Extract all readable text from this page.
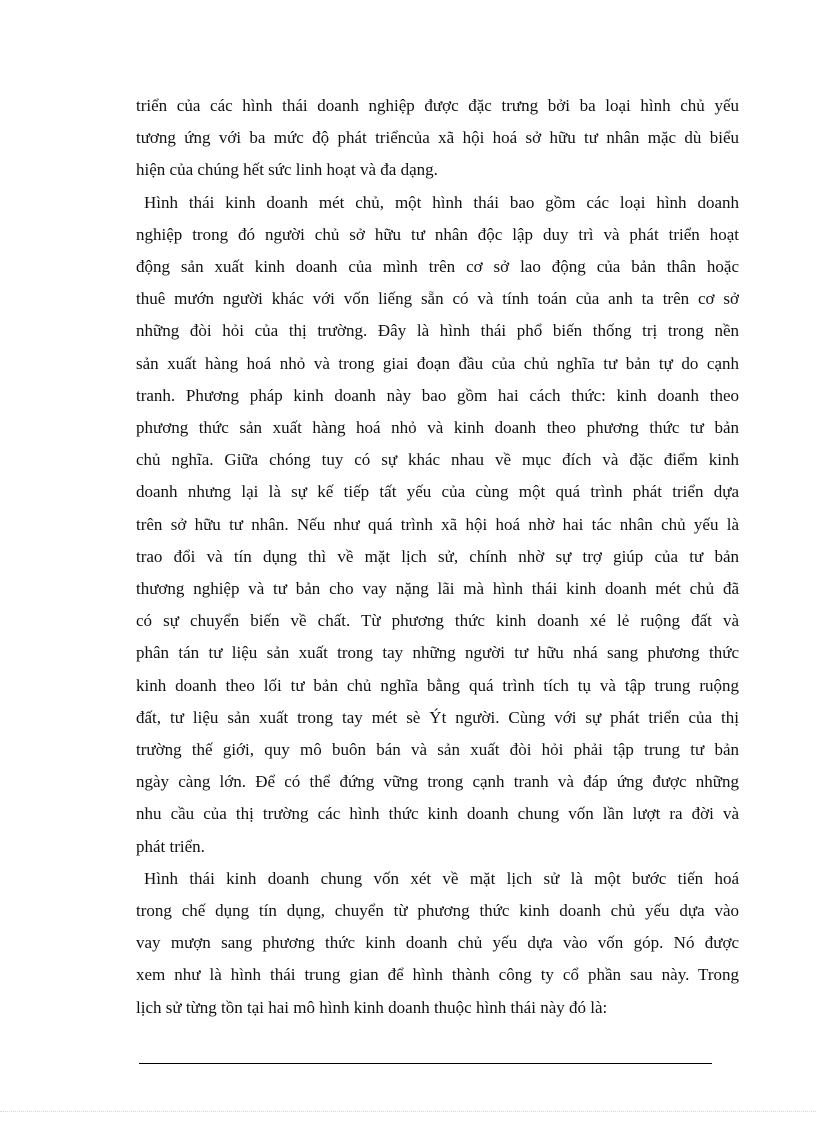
triển của các hình thái doanh nghiệp được đặc trưng bởi ba loại hình chủ yếu
tương ứng với ba mức độ phát triểncủa xã hội hoá sở hữu tư nhân mặc dù biểu
hiện của chúng hết sức linh hoạt và đa dạng.

Hình thái kinh doanh mét chủ, một hình thái bao gồm các loại hình doanh
nghiệp trong đó người chủ sở hữu tư nhân độc lập duy trì và phát triển hoạt
động sản xuất kinh doanh của mình trên cơ sở lao động của bản thân hoặc
thuê mướn người khác với vốn liếng sẵn có và tính toán của anh ta trên cơ sở
những đòi hỏi của thị trường. Đây là hình thái phổ biến thống trị trong nền
sản xuất hàng hoá nhỏ và trong giai đoạn đầu của chủ nghĩa tư bản tự do cạnh
tranh. Phương pháp kinh doanh này bao gồm hai cách thức: kinh doanh theo
phương thức sản xuất hàng hoá nhỏ và kinh doanh theo phương thức tư bản
chủ nghĩa. Giữa chóng tuy có sự khác nhau về mục đích và đặc điểm kinh
doanh nhưng lại là sự kế tiếp tất yếu của cùng một quá trình phát triển dựa
trên sở hữu tư nhân. Nếu như quá trình xã hội hoá nhờ hai tác nhân chủ yếu là
trao đổi và tín dụng thì về mặt lịch sử, chính nhờ sự trợ giúp của tư bản
thương nghiệp và tư bản cho vay nặng lãi mà hình thái kinh doanh mét chủ đã
có sự chuyển biến về chất. Từ phương thức kinh doanh xé lẻ ruộng đất và
phân tán tư liệu sản xuất trong tay những người tư hữu nhá sang phương thức
kinh doanh theo lối tư bản chủ nghĩa bằng quá trình tích tụ và tập trung ruộng
đất, tư liệu sản xuất trong tay mét sè Ýt người. Cùng với sự phát triển của thị
trường thế giới, quy mô buôn bán và sản xuất đòi hỏi phải tập trung tư bản
ngày càng lớn. Để có thể đứng vững trong cạnh tranh và đáp ứng được những
nhu cầu của thị trường các hình thức kinh doanh chung vốn lần lượt ra đời và
phát triển.

Hình thái kinh doanh chung vốn xét về mặt lịch sử là một bước tiến hoá
trong chế dụng tín dụng, chuyển từ phương thức kinh doanh chủ yếu dựa vào
vay mượn sang phương thức kinh doanh chủ yếu dựa vào vốn góp. Nó được
xem như là hình thái trung gian để hình thành công ty cổ phần sau này. Trong
lịch sử từng tồn tại hai mô hình kinh doanh thuộc hình thái này đó là:
